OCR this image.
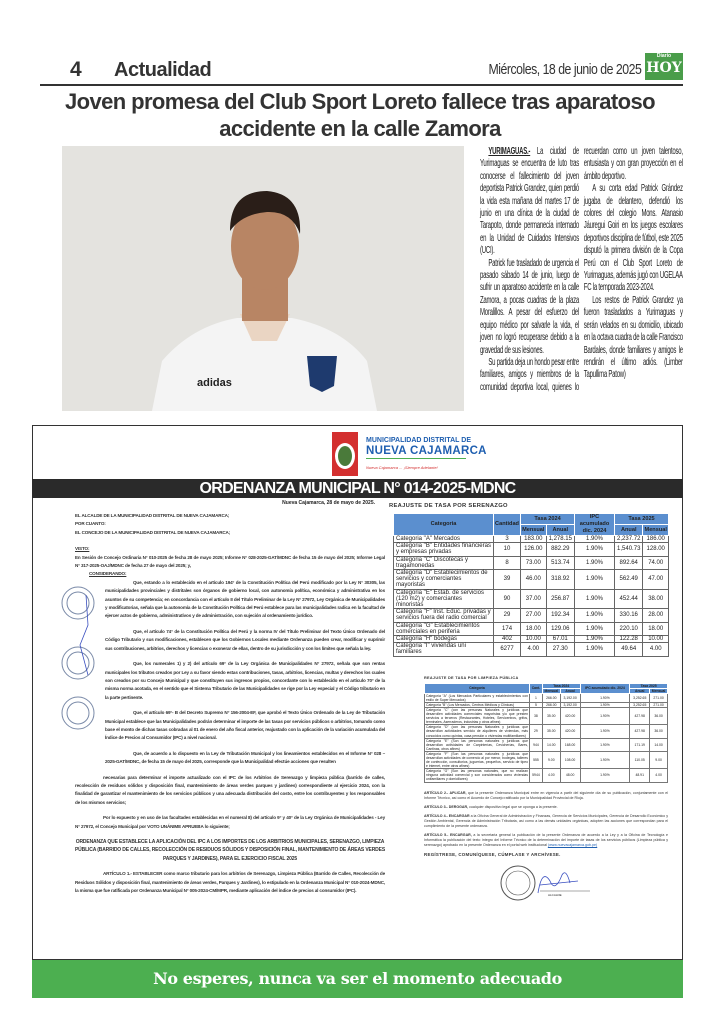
4 Actualidad	Miércoles, 18 de junio de 2025
Diario
HOY
Joven promesa del Club Sport Loreto fallece tras aparatoso accidente en la calle Zamora
adidas

YURIMAGUAS.- La ciudad de Yurimaguas se encuentra de luto tras conocerse el fallecimiento del joven deportista Patrick Grandez, quien perdió la vida esta mañana del martes 17 de junio en una clínica de la ciudad de Tarapoto, donde permanecía internado en la Unidad de Cuidados Intensivos (UCI).

Patrick fue trasladado de urgencia el pasado sábado 14 de junio, luego de sufrir un aparatoso accidente en la calle Zamora, a pocas cuadras de la plaza Moralillos. A pesar del esfuerzo del equipo médico por salvarle la vida, el joven no logró recuperarse debido a la gravedad de sus lesiones.

Su partida deja un hondo pesar entre familiares, amigos y miembros de la comunidad deportiva local, quienes lo recuerdan como un joven talentoso, entusiasta y con gran proyección en el ámbito deportivo.

A su corta edad Patrick Grández jugaba de delantero, defendió los colores del colegio Mons. Atanasio Jáuregui Goiri en los juegos escolares deportivos disciplina de fútbol, este 2025 disputó la primera división de la Copa Perú con el Club Sport Loreto de Yurimaguas, además jugó con UGELAA FC la temporada 2023-2024.

Los restos de Patrick Grandez ya fueron trasladados a Yurimaguas y serán velados en su domicilio, ubicado en la octava cuadra de la calle Francisco Bardales, donde familiares y amigos le rendirán el último adiós. (Limber Tapullima Patow)

MUNICIPALIDAD DISTRITAL DE
NUEVA CAJAMARCA
Nueva Cajamarca ... ¡Siempre Adelante!
ORDENANZA MUNICIPAL N° 014-2025-MDNC
Nueva Cajamarca, 28 de mayo de 2025.

EL ALCALDE DE LA MUNICIPALIDAD DISTRITAL DE NUEVA CAJAMARCA;

POR CUANTO:

EL CONCEJO DE LA MUNICIPALIDAD DISTRITAL DE NUEVA CAJAMARCA;

VISTO:

En Sesión de Concejo Ordinaria N° 010-2025 de fecha 28 de mayo 2025; Informe N° 028-2025-GAT/MDNC de fecha 15 de mayo del 2025; Informe Legal N° 317-2025-OAJ/MDNC de fecha 27 de mayo del 2025; y,

CONSIDERANDO:

Que, estando a lo establecido en el artículo 194° de la Constitución Política del Perú modificado por la Ley N° 30305, las municipalidades provinciales y distritales son órganos de gobierno local, con autonomía política, económica y administrativa en los asuntos de su competencia; en concordancia con el artículo II del Título Preliminar de la Ley N° 27972, Ley Orgánica de Municipalidades y modificatorias, señala que la autonomía de la Constitución Política del Perú establece para las municipalidades radica en la facultad de ejercer actos de gobierno, administrativos y de administración, con sujeción al ordenamiento jurídico.

Que, el artículo 74° de la Constitución Política del Perú y la norma IV del Título Preliminar del Texto Único Ordenado del Código Tributario y sus modificaciones, establecen que los Gobiernos Locales mediante Ordenanza pueden crear, modificar y suprimir sus contribuciones, arbitrios, derechos y licencias o exonerar de ellas, dentro de su jurisdicción y con los límites que señala la ley.

Que, los numerales 1) y 2) del artículo 69° de la Ley Orgánica de Municipalidades N° 27972, señala que son rentas municipales los tributos creados por Ley a su favor siendo estas contribuciones, tasas, arbitrios, licencias, multas y derechos los cuales son creados por su Concejo Municipal y que constituyen sus ingresos propios, concordante con lo establecido en el artículo 70° de la misma norma acotada, en el sentido que el Sistema Tributario de las Municipalidades se rige por la Ley especial y el Código tributario en la parte pertinente.

Que, el artículo 69°- B del Decreto Supremo N° 156-2004-EF, que aprobó el Texto Único Ordenado de la Ley de Tributación Municipal establece que las Municipalidades podrán determinar el importe de las tasas por servicios públicos o arbitrios, tomando como base el monto de dichas tasas cobradas al 01 de enero del año fiscal anterior, reajustado con la aplicación de la variación acumulada del Índice de Precios al Consumidor (IPC) a nivel nacional.

Que, de acuerdo a lo dispuesto en la Ley de Tributación Municipal y los lineamientos establecidos en el Informe N° 028 – 2025-GAT/MDNC, de fecha 15 de mayo del 2025, corresponde que la Municipalidad efectúe acciones que resulten

necesarias para determinar el importe actualizado con el IPC de los Arbitrios de Serenazgo y limpieza pública (barrido de calles, recolección de residuos sólidos y disposición final, mantenimiento de áreas verdes parques y jardines) correspondiente al ejercicio 2024, con la finalidad de garantizar el mantenimiento de los servicios públicos y una adecuada distribución del costo, entre los contribuyentes y los responsables de los mismos servicios;

Por lo expuesto y en uso de las facultades establecidas en el numeral 8) del artículo 9° y 40° de la Ley Orgánica de Municipalidades - Ley N° 27972, el Concejo Municipal por VOTO UNÁNIME APRUEBA lo siguiente;

ORDENANZA QUE ESTABLECE LA APLICACIÓN DEL IPC A LOS IMPORTES DE LOS ARBITRIOS MUNICIPALES, SERENAZGO, LIMPIEZA PÚBLICA (BARRIDO DE CALLES, RECOLECCIÓN DE RESIDUOS SÓLIDOS Y DISPOSICIÓN FINAL, MANTENIMIENTO DE ÁREAS VERDES PARQUES Y JARDINES), PARA EL EJERCICIO FISCAL 2025

ARTÍCULO 1.- ESTABLECER como marco tributario para los arbitrios de Serenazgo, Limpieza Pública (Barrido de Calles, Recolección de Residuos Sólidos y disposición final, mantenimiento de áreas verdes, Parques y Jardines), lo estipulado en la Ordenanza Municipal N° 010-2024-MDNC, la misma que fue ratificada por Ordenanza Municipal N° 005-2024-CM/MPR, mediante aplicación del índice de precios al consumidor (IPC).

REAJUSTE DE TASA POR SERENAZGO
Categoria	Cantidad	Tasa 2024		IPC acumulado dic. 2024	Tasa 2025	
		Mensual	Anual		Anual	Mensual
Categoria "A" Mercados	3	183.00	1,278.15	1.90%	2,237.72	186.00
Categoria "B" Entidades financieras y empresas privadas	10	126.00	882.29	1.90%	1,540.73	128.00
Categoria "C" Discotecas y tragamonedas	8	73.00	513.74	1.90%	892.64	74.00
Categoria "D" Establecimientos de servicios y comerciantes mayoristas	39	46.00	318.92	1.90%	562.49	47.00
Categoria "E" Estab. de servicios (120 m2) y comerciantes minoristas	90	37.00	256.87	1.90%	452.44	38.00
Categoria "F" Inst. Educ. privadas y servicios fuera del radio comercial	29	27.00	192.34	1.90%	330.16	28.00
Categoria "G" Establecimientos comerciales en periferia	174	18.00	129.06	1.90%	220.10	18.00
Categoria "H" bodegas	402	10.00	67.01	1.90%	122.28	10.00
Categoria "I" viviendas uni familiares	6277	4.00	27.30	1.90%	49.64	4.00
REAJUSTE DE TASA POR LIMPIEZA PÚBLICA
Categoría	Cant.	Tasa 2024		IPC acumulado dic. 2024	Tasa 2025	
		Mensual	Anual		Anual	Mensual
Categoría "A" (Los Mercados Particulares y establecimientos con estilo de Super Mercados)	1	266.00	3,192.00	1.90%	3,252.65	271.00
Categoría "B" (Los Mercados, Centros Médicos y Clínicas)	5	266.00	3,192.00	1.90%	3,252.65	271.00
Categoría "C" (con las personas Naturales y jurídicas que desarrollen actividades comerciales mayoristas y/o que presten servicios a terceros (Restaurantes, Hoteles, Servicentros, grifos, terminales, Aserraderos, industrias y otros afines)	38	35.00	420.00	1.90%	427.98	36.00
Categoría "D" (con las personas Naturales y jurídicas que desarrollan actividades servicio de alquileres de viviendas, más conocidos como quintas, casa pensión o viviendas multifamiliares)	29	35.00	420.00	1.90%	427.98	36.00
Categoría "E" (Son las personas naturales y jurídicas que desarrollan actividades de Carpinterías, Cevicherías, Bares, Cantinas, otros afines)	944	14.00	168.00	1.90%	171.19	14.00
Categoría "F" (Son las personas naturales y jurídicas que desarrollan actividades de comercio al por menor, bodegas, talleres de confección, consultorios, juguerías, pequeños, servicio de tipeo e internet, entre otros afines)	555	9.00	108.00	1.90%	110.05	9.00
Categoría "G" (Son las personas naturales, que no realizan ninguna actividad comercial y son considerados como viviendas unifamiliares y domiciliares)	5944	4.00	48.00	1.90%	48.91	4.00

ARTÍCULO 2.- APLICAR, que la presente Ordenanza Municipal entre en vigencia a partir del siguiente día de su publicación, conjuntamente con el Informe Técnico, así como el Acuerdo de Concejo ratificado por la Municipalidad Provincial de Rioja.

ARTÍCULO 3.- DEROGAR, cualquier dispositivo legal que se oponga a la presente.

ARTÍCULO 4.- ENCARGAR a la Oficina General de Administración y Finanzas, Gerencia de Servicios Municipales, Gerencia de Desarrollo Económico y Gestión Ambiental, Gerencia de Administración Tributaria, así como a las demás unidades orgánicas, adopten las acciones que correspondan para el cumplimiento de la presente ordenanza.

ARTÍCULO 5.- ENCARGAR, a la secretaria general la publicación de la presente Ordenanza de acuerdo a la Ley y a la Oficina de Tecnología e Informática la publicación del texto íntegro del Informe Técnico de la determinación del importe de tasas de los servicios públicos (Limpieza pública y serenazgo) aprobado en la presente Ordenanza en el portal web institucional (www.nuevacajamarca.gob.pe)

REGÍSTRESE, COMUNÍQUESE, CÚMPLASE Y ARCHÍVESE.

ALCALDE
No esperes, nunca va ser el momento adecuado
